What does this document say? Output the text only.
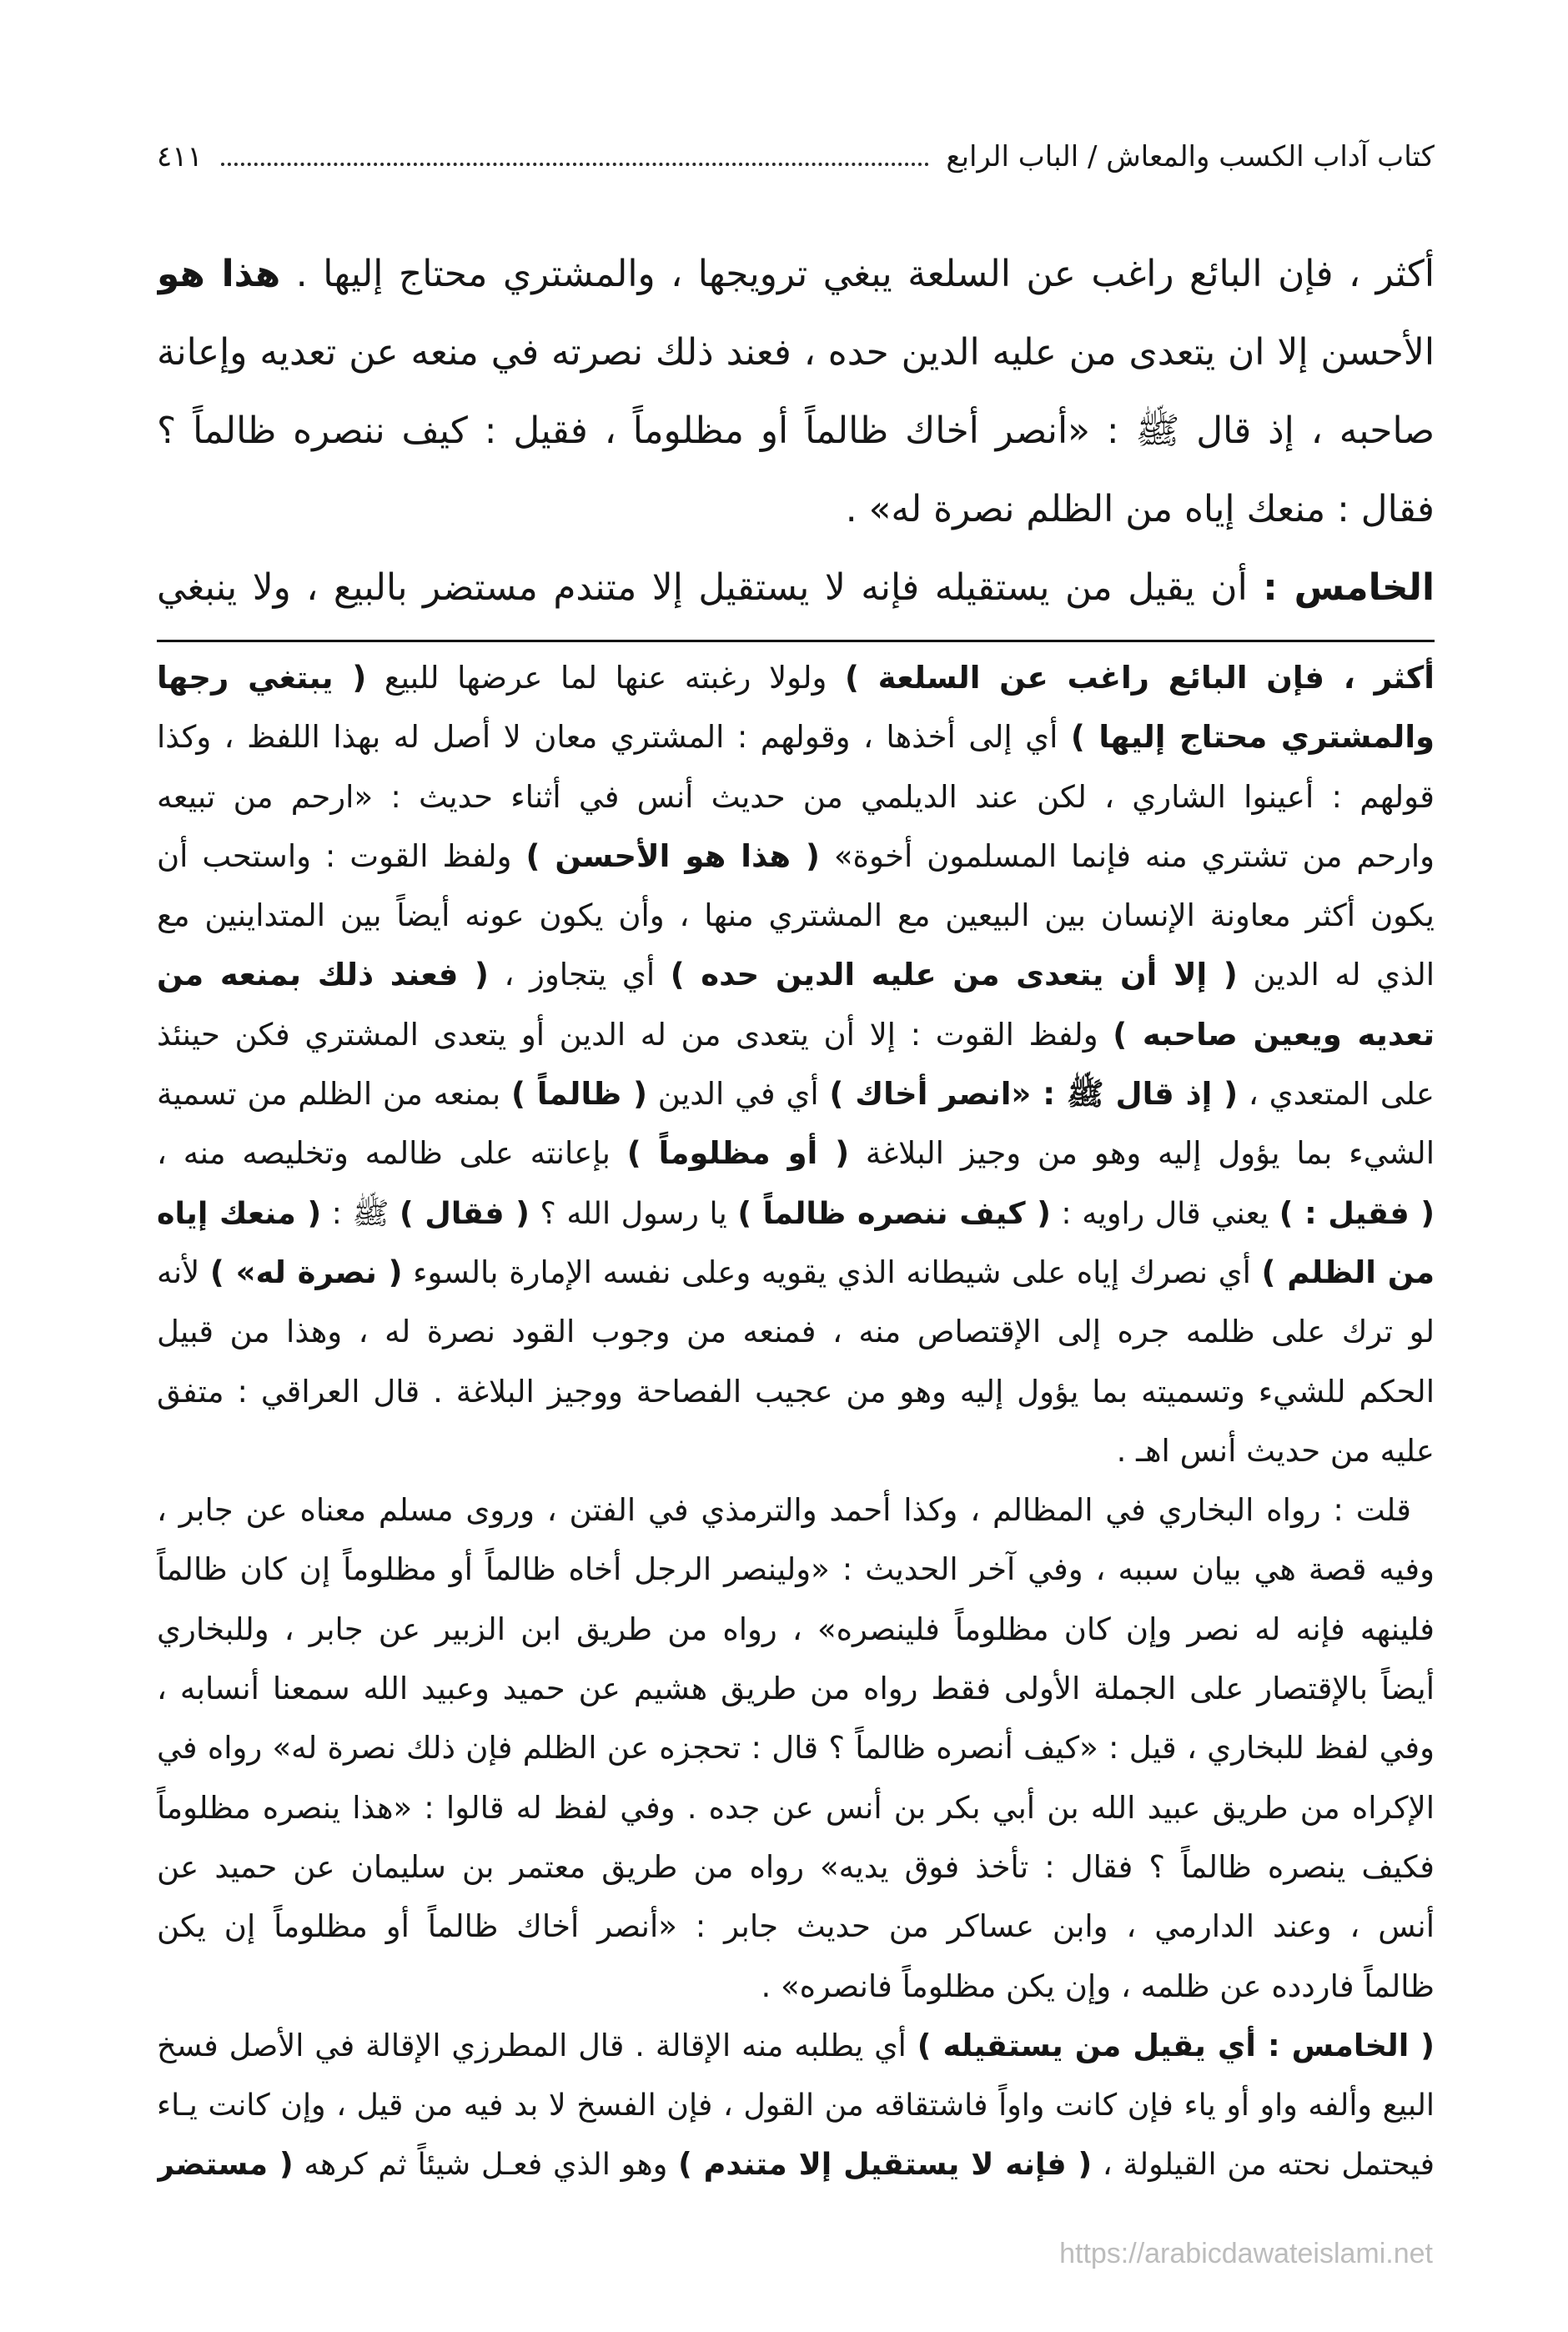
كتاب آداب الكسب والمعاش / الباب الرابع
٤١١
أكثر ، فإن البائع راغب عن السلعة يبغي ترويجها ، والمشتري محتاج إليها . هذا هو
الأحسن إلا ان يتعدى من عليه الدين حده ، فعند ذلك نصرته في منعه عن تعديه وإعانة
صاحبه ، إذ قال ﷺ : «أنصر أخاك ظالماً أو مظلوماً ، فقيل : كيف ننصره ظالماً ؟
فقال : منعك إياه من الظلم نصرة له» .
الخامس : أن يقيل من يستقيله فإنه لا يستقيل إلا متندم مستضر بالبيع ، ولا ينبغي
أكثر ، فإن البائع راغب عن السلعة ) ولولا رغبته عنها لما عرضها للبيع ( يبتغي رجها
والمشتري محتاج إليها ) أي إلى أخذها ، وقولهم : المشتري معان لا أصل له بهذا اللفظ ، وكذا
قولهم : أعينوا الشاري ، لكن عند الديلمي من حديث أنس في أثناء حديث : «ارحم من تبيعه
وارحم من تشتري منه فإنما المسلمون أخوة» ( هذا هو الأحسن ) ولفظ القوت : واستحب أن
يكون أكثر معاونة الإنسان بين البيعين مع المشتري منها ، وأن يكون عونه أيضاً بين المتداينين مع
الذي له الدين ( إلا أن يتعدى من عليه الدين حده ) أي يتجاوز ، ( فعند ذلك بمنعه من
تعديه ويعين صاحبه ) ولفظ القوت : إلا أن يتعدى من له الدين أو يتعدى المشتري فكن حينئذ
على المتعدي ، ( إذ قال ﷺ : «انصر أخاك ) أي في الدين ( ظالماً ) بمنعه من الظلم من تسمية
الشيء بما يؤول إليه وهو من وجيز البلاغة ( أو مظلوماً ) بإعانته على ظالمه وتخليصه منه ،
( فقيل : ) يعني قال راويه : ( كيف ننصره ظالماً ) يا رسول الله ؟ ( فقال ) ﷺ : ( منعك إياه
من الظلم ) أي نصرك إياه على شيطانه الذي يقويه وعلى نفسه الإمارة بالسوء ( نصرة له» ) لأنه
لو ترك على ظلمه جره إلى الإقتصاص منه ، فمنعه من وجوب القود نصرة له ، وهذا من قبيل
الحكم للشيء وتسميته بما يؤول إليه وهو من عجيب الفصاحة ووجيز البلاغة . قال العراقي : متفق
عليه من حديث أنس اهـ .
قلت : رواه البخاري في المظالم ، وكذا أحمد والترمذي في الفتن ، وروى مسلم معناه عن جابر ،
وفيه قصة هي بيان سببه ، وفي آخر الحديث : «ولينصر الرجل أخاه ظالماً أو مظلوماً إن كان ظالماً
فلينهه فإنه له نصر وإن كان مظلوماً فلينصره» ، رواه من طريق ابن الزبير عن جابر ، وللبخاري
أيضاً بالإقتصار على الجملة الأولى فقط رواه من طريق هشيم عن حميد وعبيد الله سمعنا أنسابه ،
وفي لفظ للبخاري ، قيل : «كيف أنصره ظالماً ؟ قال : تحجزه عن الظلم فإن ذلك نصرة له» رواه في
الإكراه من طريق عبيد الله بن أبي بكر بن أنس عن جده . وفي لفظ له قالوا : «هذا ينصره مظلوماً
فكيف ينصره ظالماً ؟ فقال : تأخذ فوق يديه» رواه من طريق معتمر بن سليمان عن حميد عن
أنس ، وعند الدارمي ، وابن عساكر من حديث جابر : «أنصر أخاك ظالماً أو مظلوماً إن يكن
ظالماً فاردده عن ظلمه ، وإن يكن مظلوماً فانصره» .
( الخامس : أي يقيل من يستقيله ) أي يطلبه منه الإقالة . قال المطرزي الإقالة في الأصل فسخ
البيع وألفه واو أو ياء فإن كانت واواً فاشتقاقه من القول ، فإن الفسخ لا بد فيه من قيل ، وإن كانت يـاء
فيحتمل نحته من القيلولة ، ( فإنه لا يستقيل إلا متندم ) وهو الذي فعـل شيئاً ثم كرهه ( مستضر
https://arabicdawateislami.net
